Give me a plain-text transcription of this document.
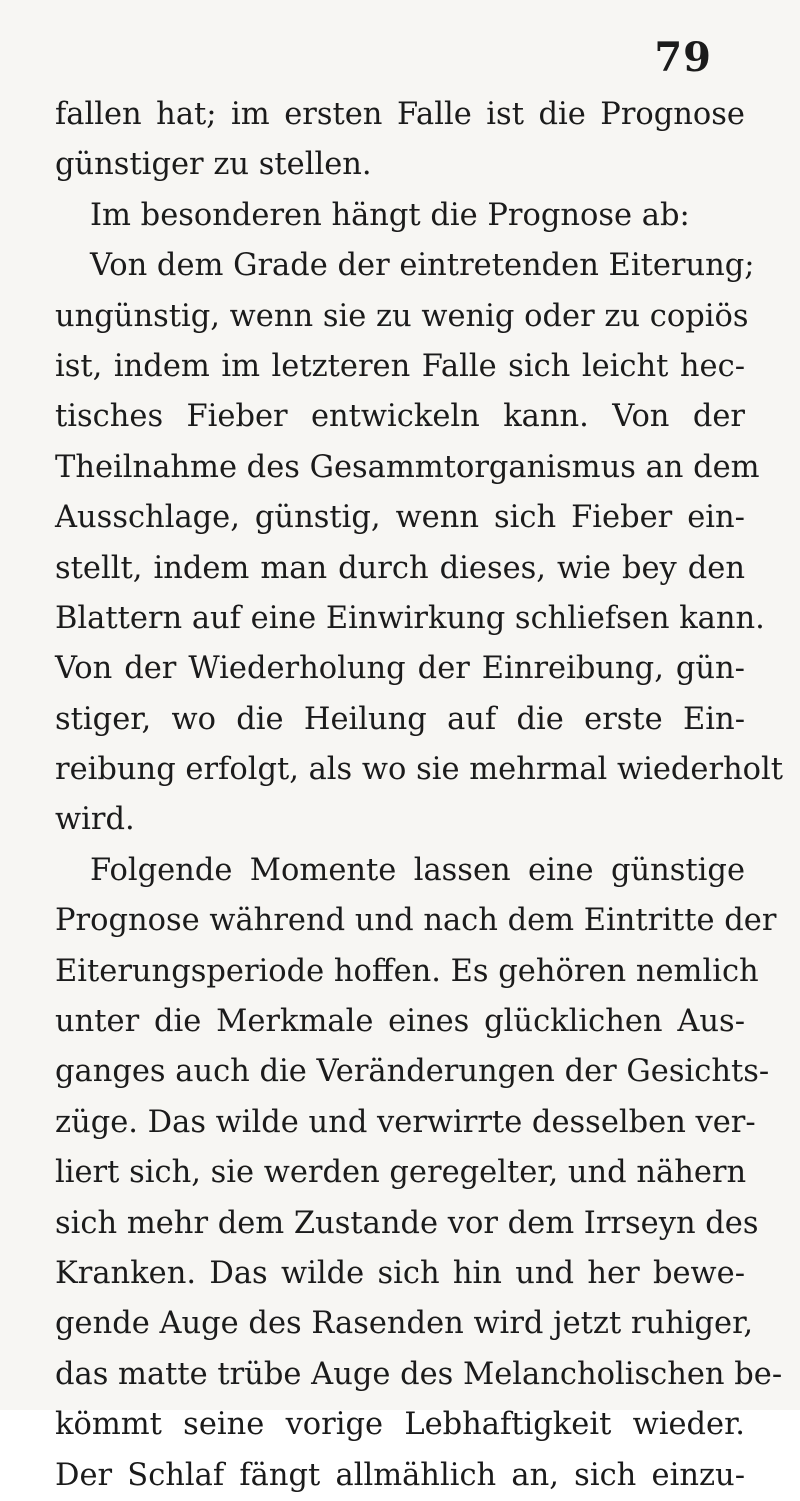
79
fallen hat; im ersten Falle ist die Prognose
günstiger zu stellen.
Im besonderen hängt die Prognose ab:
Von dem Grade der eintretenden Eiterung;
ungünstig, wenn sie zu wenig oder zu copiös
ist, indem im letzteren Falle sich leicht hec-
tisches Fieber entwickeln kann. Von der
Theilnahme des Gesammtorganismus an dem
Ausschlage, günstig, wenn sich Fieber ein-
stellt, indem man durch dieses, wie bey den
Blattern auf eine Einwirkung schliefsen kann.
Von der Wiederholung der Einreibung, gün-
stiger, wo die Heilung auf die erste Ein-
reibung erfolgt, als wo sie mehrmal wiederholt
wird.
Folgende Momente lassen eine günstige
Prognose während und nach dem Eintritte der
Eiterungsperiode hoffen. Es gehören nemlich
unter die Merkmale eines glücklichen Aus-
ganges auch die Veränderungen der Gesichts-
züge. Das wilde und verwirrte desselben ver-
liert sich, sie werden geregelter, und nähern
sich mehr dem Zustande vor dem Irrseyn des
Kranken. Das wilde sich hin und her bewe-
gende Auge des Rasenden wird jetzt ruhiger,
das matte trübe Auge des Melancholischen be-
kömmt seine vorige Lebhaftigkeit wieder.
Der Schlaf fängt allmählich an, sich einzu-
